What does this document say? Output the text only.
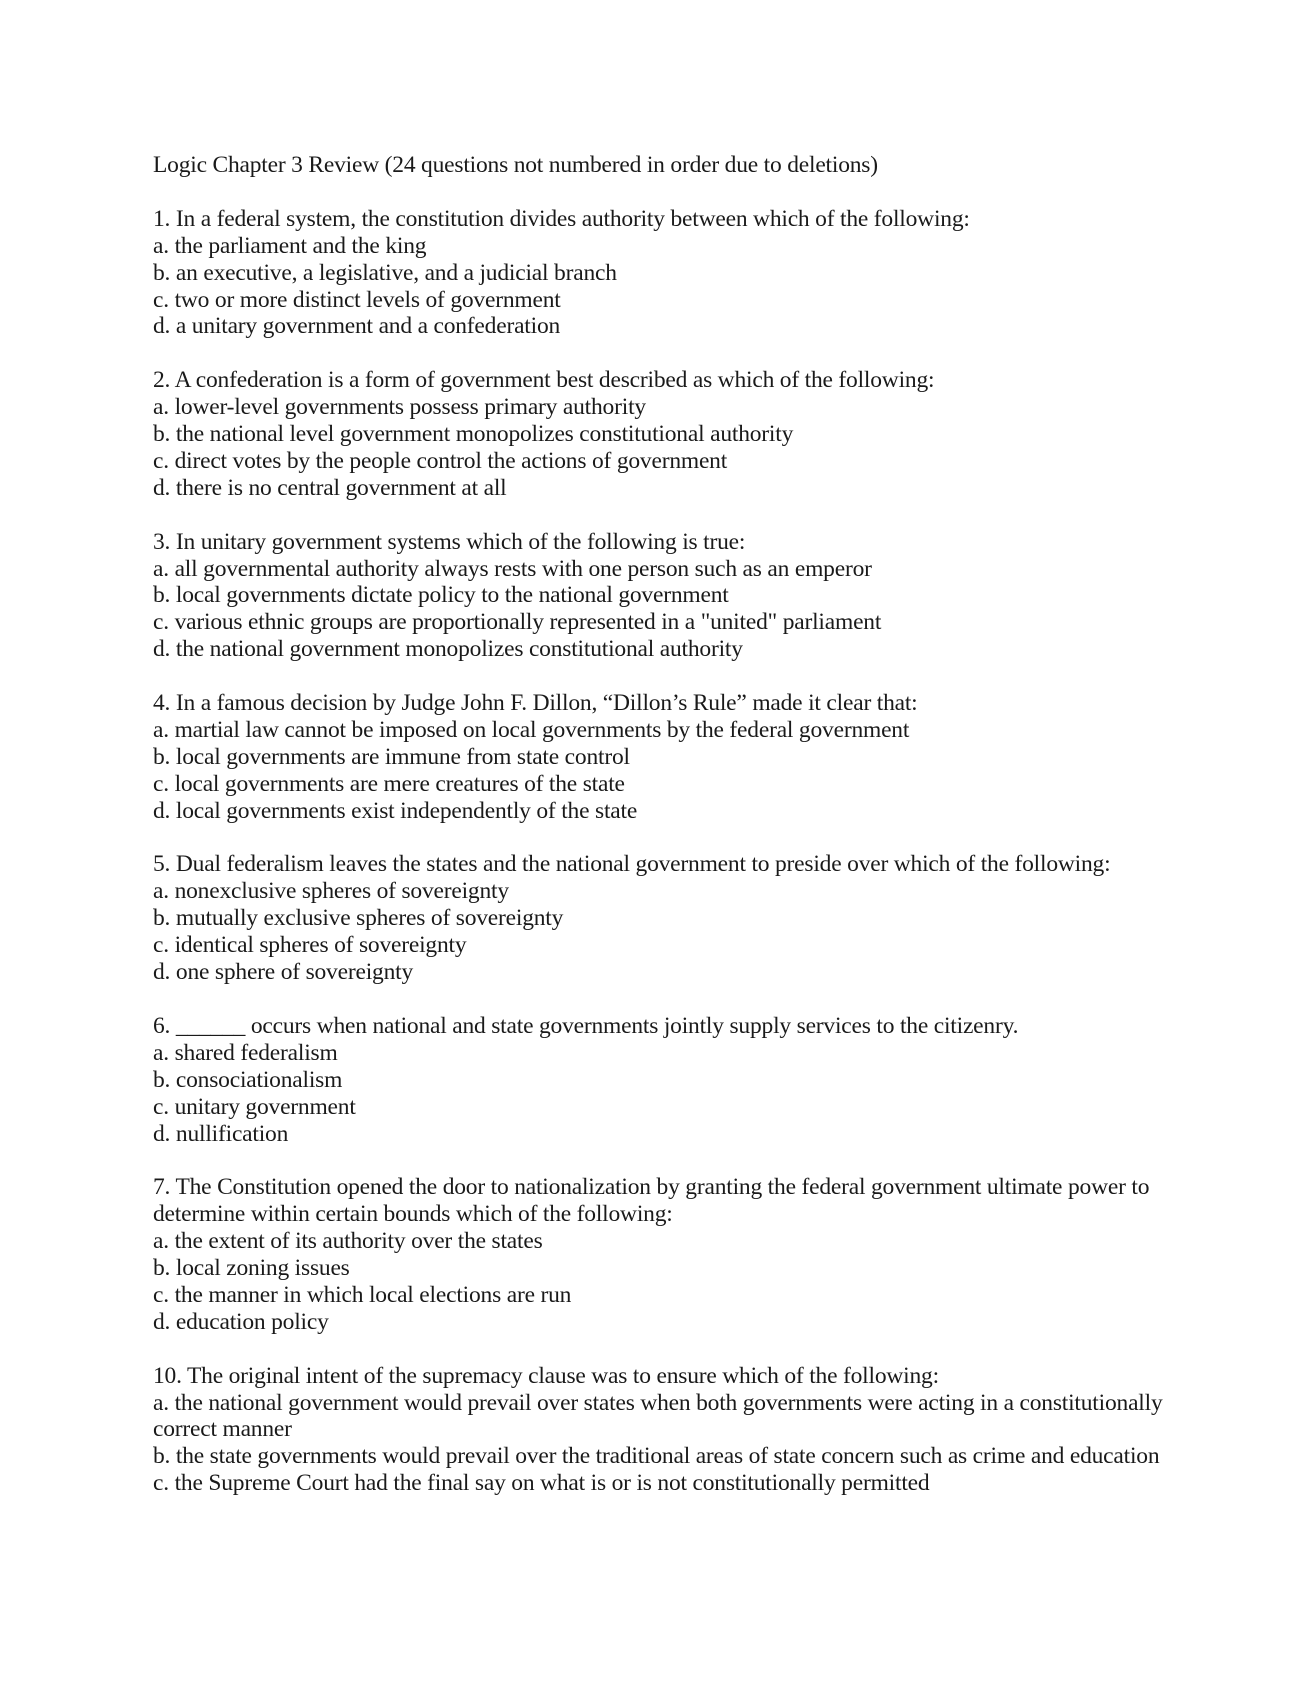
Logic Chapter 3 Review (24 questions not numbered in order due to deletions)
1. In a federal system, the constitution divides authority between which of the following:
a. the parliament and the king
b. an executive, a legislative, and a judicial branch
c. two or more distinct levels of government
d. a unitary government and a confederation
2. A confederation is a form of government best described as which of the following:
a. lower-level governments possess primary authority
b. the national level government monopolizes constitutional authority
c. direct votes by the people control the actions of government
d. there is no central government at all
3. In unitary government systems which of the following is true:
a. all governmental authority always rests with one person such as an emperor
b. local governments dictate policy to the national government
c. various ethnic groups are proportionally represented in a "united" parliament
d. the national government monopolizes constitutional authority
4. In a famous decision by Judge John F. Dillon, “Dillon’s Rule” made it clear that:
a. martial law cannot be imposed on local governments by the federal government
b. local governments are immune from state control
c. local governments are mere creatures of the state
d. local governments exist independently of the state
5. Dual federalism leaves the states and the national government to preside over which of the following:
a. nonexclusive spheres of sovereignty
b. mutually exclusive spheres of sovereignty
c. identical spheres of sovereignty
d. one sphere of sovereignty
6. ______ occurs when national and state governments jointly supply services to the citizenry.
a. shared federalism
b. consociationalism
c. unitary government
d. nullification
7. The Constitution opened the door to nationalization by granting the federal government ultimate power to determine within certain bounds which of the following:
a. the extent of its authority over the states
b. local zoning issues
c. the manner in which local elections are run
d. education policy
10. The original intent of the supremacy clause was to ensure which of the following:
a. the national government would prevail over states when both governments were acting in a constitutionally correct manner
b. the state governments would prevail over the traditional areas of state concern such as crime and education
c. the Supreme Court had the final say on what is or is not constitutionally permitted
